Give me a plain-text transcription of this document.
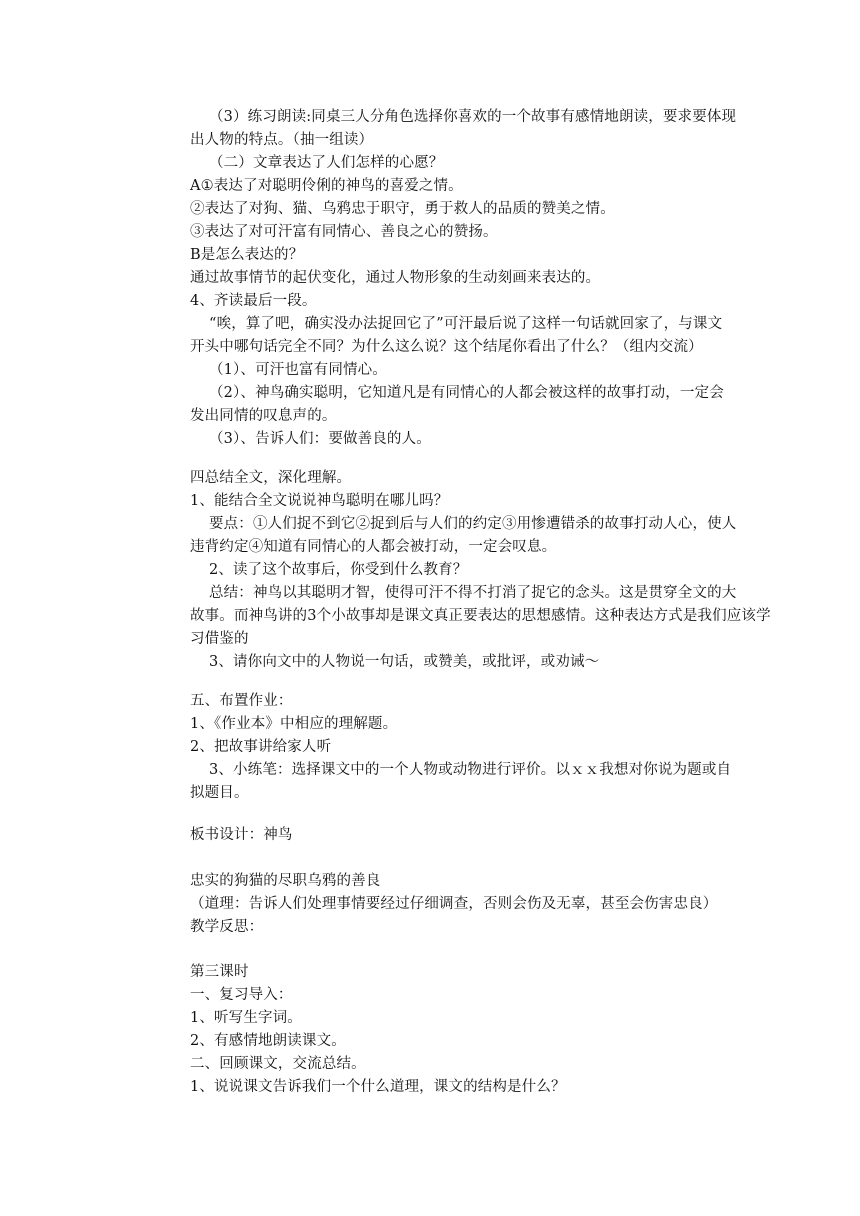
（3）练习朗读:同桌三人分角色选择你喜欢的一个故事有感情地朗读，要求要体现
出人物的特点。（抽一组读）
（二）文章表达了人们怎样的心愿？
A①表达了对聪明伶俐的神鸟的喜爱之情。
②表达了对狗、猫、乌鸦忠于职守，勇于救人的品质的赞美之情。
③表达了对可汗富有同情心、善良之心的赞扬。
B是怎么表达的？
通过故事情节的起伏变化，通过人物形象的生动刻画来表达的。
4、齐读最后一段。
“唉，算了吧，确实没办法捉回它了”可汗最后说了这样一句话就回家了，与课文
开头中哪句话完全不同？为什么这么说？这个结尾你看出了什么？（组内交流）
（1）、可汗也富有同情心。
（2）、神鸟确实聪明，它知道凡是有同情心的人都会被这样的故事打动，一定会
发出同情的叹息声的。
（3）、告诉人们：要做善良的人。
四总结全文，深化理解。
1、能结合全文说说神鸟聪明在哪儿吗？
要点：①人们捉不到它②捉到后与人们的约定③用惨遭错杀的故事打动人心，使人
违背约定④知道有同情心的人都会被打动，一定会叹息。
2、读了这个故事后，你受到什么教育？
总结：神鸟以其聪明才智，使得可汗不得不打消了捉它的念头。这是贯穿全文的大
故事。而神鸟讲的3个小故事却是课文真正要表达的思想感情。这种表达方式是我们应该学
习借鉴的
3、请你向文中的人物说一句话，或赞美，或批评，或劝诫～
五、布置作业：
1、《作业本》中相应的理解题。
2、把故事讲给家人听
3、小练笔：选择课文中的一个人物或动物进行评价。以ｘｘ我想对你说为题或自
拟题目。
板书设计：神鸟
忠实的狗猫的尽职乌鸦的善良
（道理：告诉人们处理事情要经过仔细调查，否则会伤及无辜，甚至会伤害忠良）
教学反思：
第三课时
一、复习导入：
1、听写生字词。
2、有感情地朗读课文。
二、回顾课文，交流总结。
1、说说课文告诉我们一个什么道理，课文的结构是什么？
